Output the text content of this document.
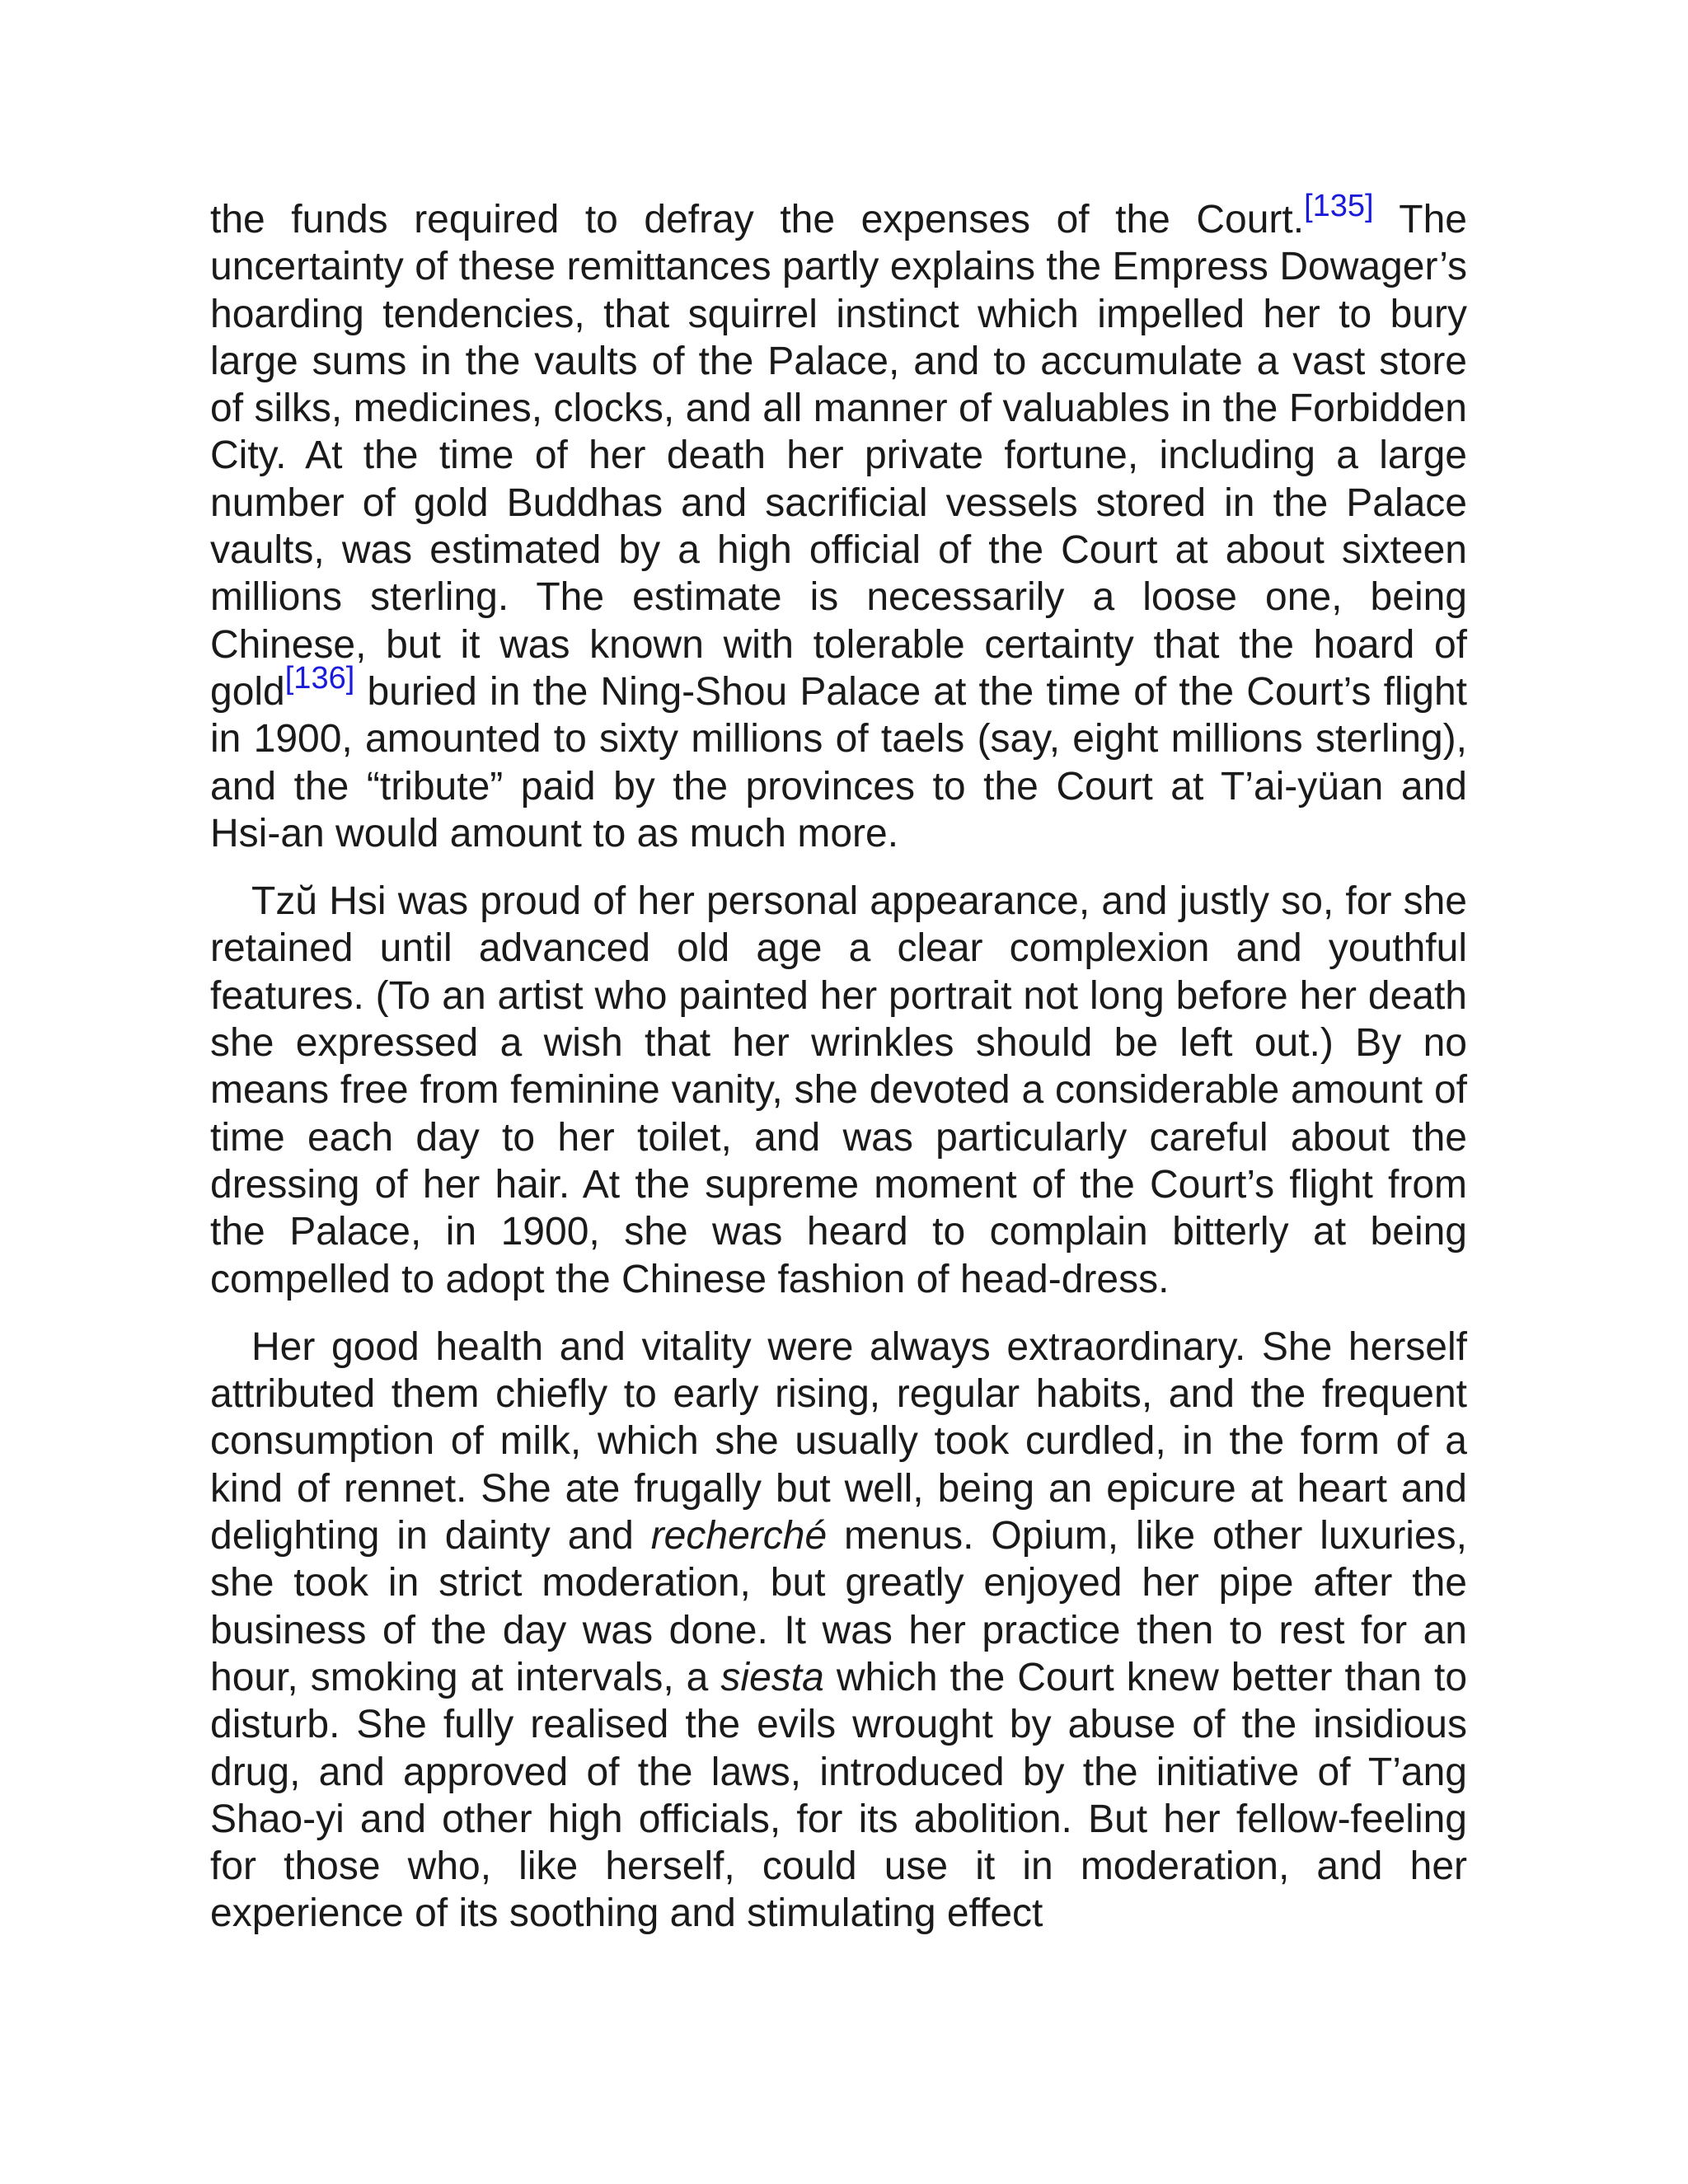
the funds required to defray the expenses of the Court.[135] The uncertainty of these remittances partly explains the Empress Dowager’s hoarding tendencies, that squirrel instinct which impelled her to bury large sums in the vaults of the Palace, and to accumulate a vast store of silks, medicines, clocks, and all manner of valuables in the Forbidden City. At the time of her death her private fortune, including a large number of gold Buddhas and sacrificial vessels stored in the Palace vaults, was estimated by a high official of the Court at about sixteen millions sterling. The estimate is necessarily a loose one, being Chinese, but it was known with tolerable certainty that the hoard of gold[136] buried in the Ning-Shou Palace at the time of the Court’s flight in 1900, amounted to sixty millions of taels (say, eight millions sterling), and the “tribute” paid by the provinces to the Court at T’ai-yüan and Hsi-an would amount to as much more.

Tzŭ Hsi was proud of her personal appearance, and justly so, for she retained until advanced old age a clear complexion and youthful features. (To an artist who painted her portrait not long before her death she expressed a wish that her wrinkles should be left out.) By no means free from feminine vanity, she devoted a considerable amount of time each day to her toilet, and was particularly careful about the dressing of her hair. At the supreme moment of the Court’s flight from the Palace, in 1900, she was heard to complain bitterly at being compelled to adopt the Chinese fashion of head-dress.

Her good health and vitality were always extraordinary. She herself attributed them chiefly to early rising, regular habits, and the frequent consumption of milk, which she usually took curdled, in the form of a kind of rennet. She ate frugally but well, being an epicure at heart and delighting in dainty and recherché menus. Opium, like other luxuries, she took in strict moderation, but greatly enjoyed her pipe after the business of the day was done. It was her practice then to rest for an hour, smoking at intervals, a siesta which the Court knew better than to disturb. She fully realised the evils wrought by abuse of the insidious drug, and approved of the laws, introduced by the initiative of T’ang Shao-yi and other high officials, for its abolition. But her fellow-feeling for those who, like herself, could use it in moderation, and her experience of its soothing and stimulating effect
